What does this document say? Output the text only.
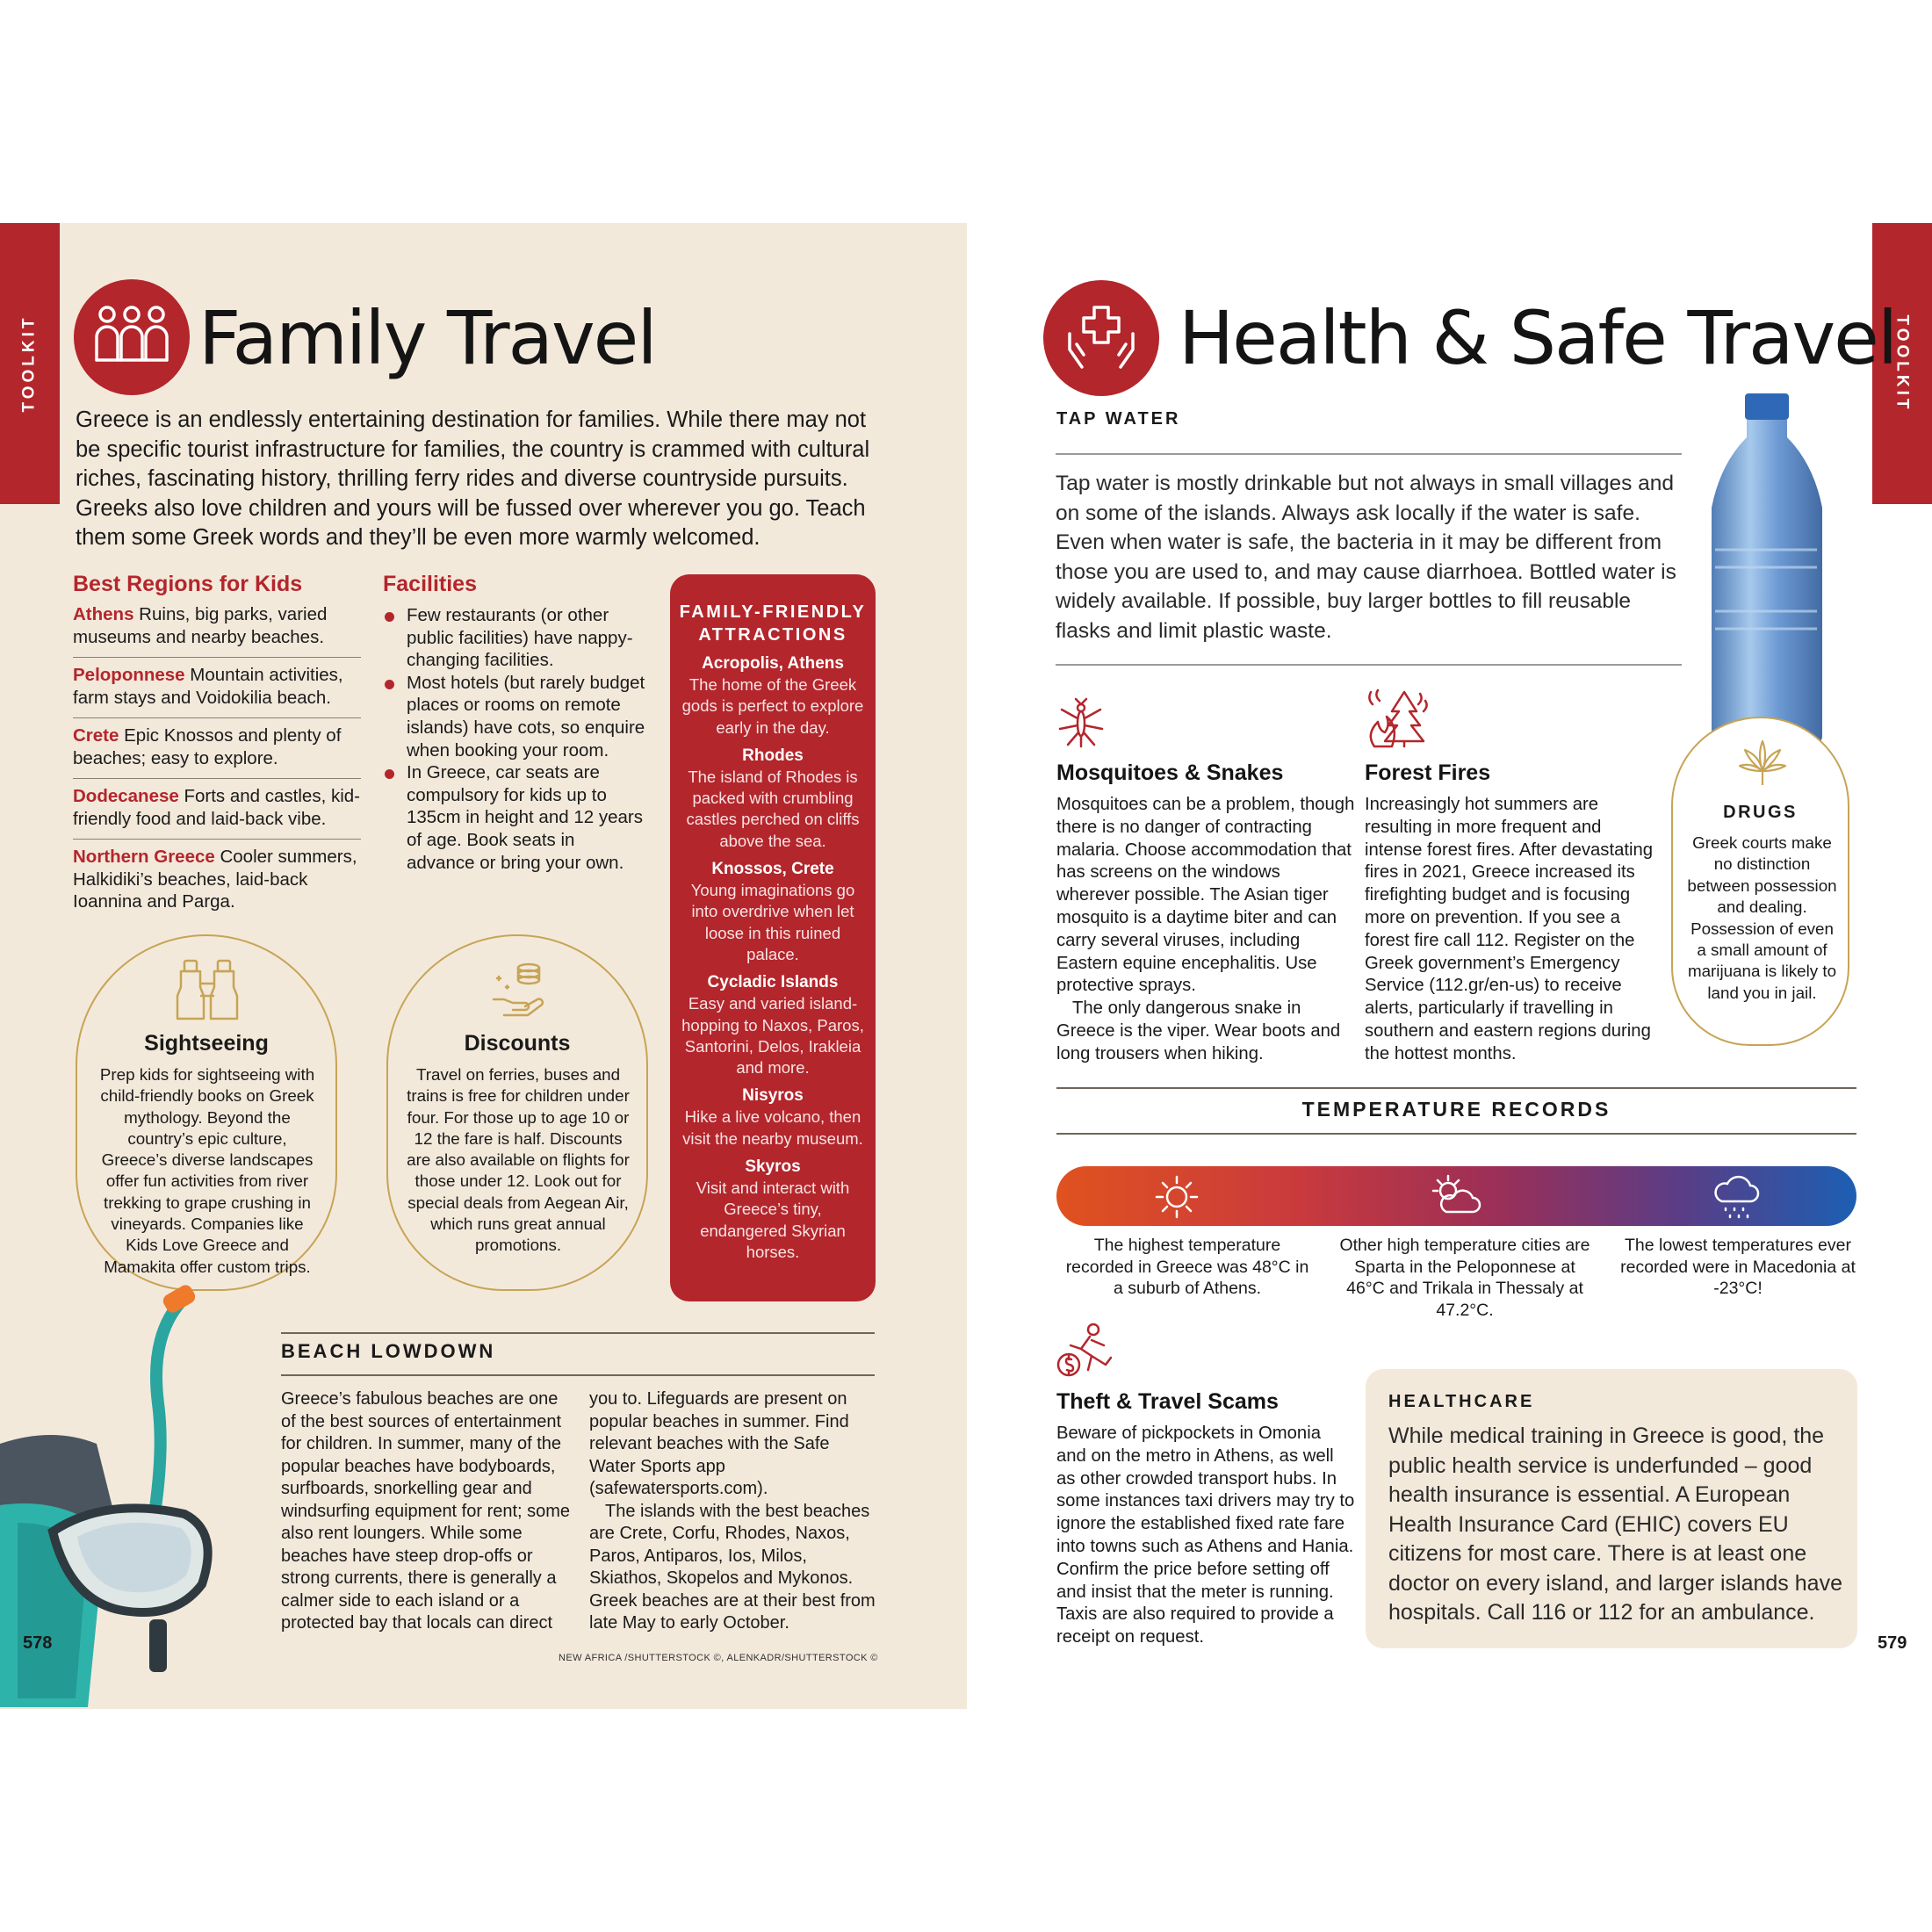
TOOLKIT Family Travel

Greece is an endlessly entertaining destination for families. While there may not be specific tourist infrastructure for families, the country is crammed with cultural riches, fascinating history, thrilling ferry rides and diverse countryside pursuits. Greeks also love children and yours will be fussed over wherever you go. Teach them some Greek words and they’ll be even more warmly welcomed.

Best Regions for Kids
Athens Ruins, big parks, varied museums and nearby beaches.
Peloponnese Mountain activities, farm stays and Voidokilia beach.
Crete Epic Knossos and plenty of beaches; easy to explore.
Dodecanese Forts and castles, kid-friendly food and laid-back vibe.
Northern Greece Cooler summers, Halkidiki’s beaches, laid-back Ioannina and Parga.
Facilities
Few restaurants (or other public facilities) have nappy-changing facilities.
Most hotels (but rarely budget places or rooms on remote islands) have cots, so enquire when booking your room.
In Greece, car seats are compulsory for kids up to 135cm in height and 12 years of age. Book seats in advance or bring your own.
FAMILY-FRIENDLY ATTRACTIONS
Acropolis, Athens
The home of the Greek gods is perfect to explore early in the day.
Rhodes
The island of Rhodes is packed with crumbling castles perched on cliffs above the sea.
Knossos, Crete
Young imaginations go into overdrive when let loose in this ruined palace.
Cycladic Islands
Easy and varied island-hopping to Naxos, Paros, Santorini, Delos, Irakleia and more.
Nisyros
Hike a live volcano, then visit the nearby museum.
Skyros
Visit and interact with Greece’s tiny, endangered Skyrian horses.
Sightseeing
Prep kids for sightseeing with child-friendly books on Greek mythology. Beyond the country’s epic culture, Greece’s diverse landscapes offer fun activities from river trekking to grape crushing in vineyards. Companies like Kids Love Greece and Mamakita offer custom trips.
Discounts
Travel on ferries, buses and trains is free for children under four. For those up to age 10 or 12 the fare is half. Discounts are also available on flights for those under 12. Look out for special deals from Aegean Air, which runs great annual promotions.
BEACH LOWDOWN
Greece’s fabulous beaches are one of the best sources of entertainment for children. In summer, many of the popular beaches have bodyboards, surfboards, snorkelling gear and windsurfing equipment for rent; some also rent loungers. While some beaches have steep drop-offs or strong currents, there is generally a calmer side to each island or a protected bay that locals can direct

you to. Lifeguards are present on popular beaches in summer. Find relevant beaches with the Safe Water Sports app (safewatersports.com).

The islands with the best beaches are Crete, Corfu, Rhodes, Naxos, Paros, Antiparos, Ios, Milos, Skiathos, Skopelos and Mykonos. Greek beaches are at their best from late May to early October.

578
NEW AFRICA /SHUTTERSTOCK ©, ALENKADR/SHUTTERSTOCK ©
TOOLKIT
Health & Safe Travel
TAP WATER

Tap water is mostly drinkable but not always in small villages and on some of the islands. Always ask locally if the water is safe. Even when water is safe, the bacteria in it may be different from those you are used to, and may cause diarrhoea. Bottled water is widely available. If possible, buy larger bottles to fill reusable flasks and limit plastic waste.

Mosquitoes & Snakes

Mosquitoes can be a problem, though there is no danger of contracting malaria. Choose accommodation that has screens on the windows wherever possible. The Asian tiger mosquito is a daytime biter and can carry several viruses, including Eastern equine encephalitis. Use protective sprays.

The only dangerous snake in Greece is the viper. Wear boots and long trousers when hiking.

Forest Fires
Increasingly hot summers are resulting in more frequent and intense forest fires. After devastating fires in 2021, Greece increased its firefighting budget and is focusing more on prevention. If you see a forest fire call 112. Register on the Greek government’s Emergency Service (112.gr/en-us) to receive alerts, particularly if travelling in southern and eastern regions during the hottest months.
DRUGS
Greek courts make no distinction between possession and dealing. Possession of even a small amount of marijuana is likely to land you in jail.
TEMPERATURE RECORDS
The highest temperature recorded in Greece was 48°C in a suburb of Athens.
Other high temperature cities are Sparta in the Peloponnese at 46°C and Trikala in Thessaly at 47.2°C.
The lowest temperatures ever recorded were in Macedonia at -23°C!
Theft & Travel Scams
Beware of pickpockets in Omonia and on the metro in Athens, as well as other crowded transport hubs. In some instances taxi drivers may try to ignore the established fixed rate fare into towns such as Athens and Hania. Confirm the price before setting off and insist that the meter is running. Taxis are also required to provide a receipt on request.
HEALTHCARE

While medical training in Greece is good, the public health service is underfunded – good health insurance is essential. A European Health Insurance Card (EHIC) covers EU citizens for most care. There is at least one doctor on every island, and larger islands have hospitals. Call 116 or 112 for an ambulance.

579
